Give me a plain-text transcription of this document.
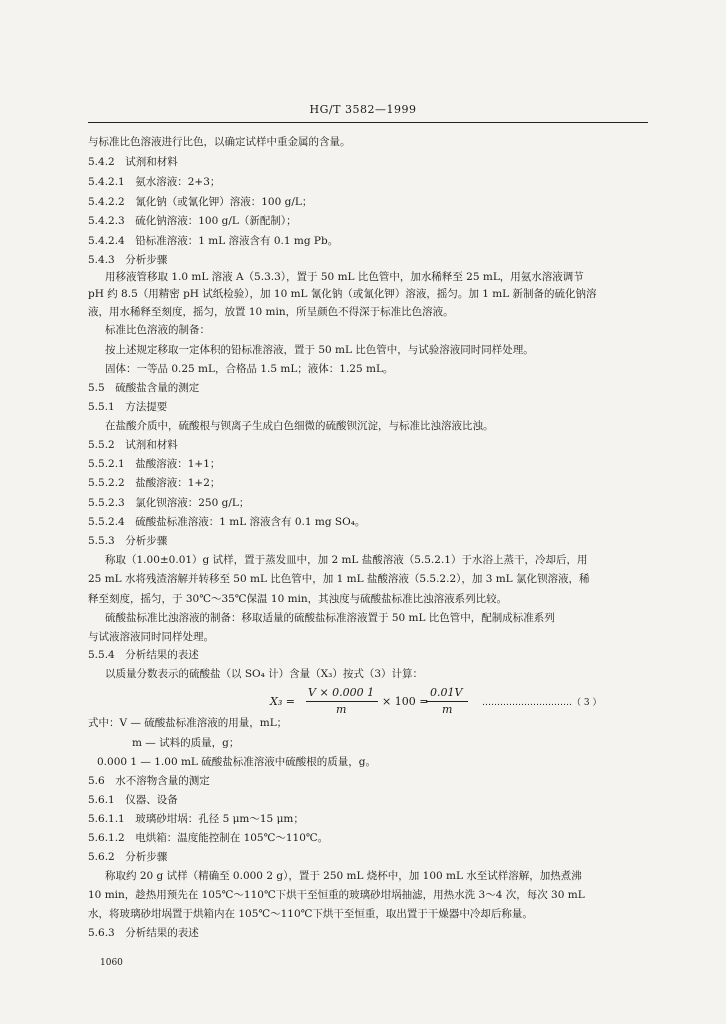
HG/T 3582—1999
与标准比色溶液进行比色，以确定试样中重金属的含量。
5.4.2　试剂和材料
5.4.2.1　氨水溶液：2+3；
5.4.2.2　氰化钠（或氰化钾）溶液：100 g/L；
5.4.2.3　硫化钠溶液：100 g/L（新配制）；
5.4.2.4　铅标准溶液：1 mL 溶液含有 0.1 mg Pb。
5.4.3　分析步骤
用移液管移取 1.0 mL 溶液 A（5.3.3），置于 50 mL 比色管中，加水稀释至 25 mL，用氨水溶液调节
pH 约 8.5（用精密 pH 试纸检验），加 10 mL 氰化钠（或氰化钾）溶液，摇匀。加 1 mL 新制备的硫化钠溶
液，用水稀释至刻度，摇匀，放置 10 min，所呈颜色不得深于标准比色溶液。
标准比色溶液的制备：
按上述规定移取一定体积的铅标准溶液，置于 50 mL 比色管中，与试验溶液同时同样处理。
固体：一等品 0.25 mL，合格品 1.5 mL；液体：1.25 mL。
5.5　硫酸盐含量的测定
5.5.1　方法提要
在盐酸介质中，硫酸根与钡离子生成白色细微的硫酸钡沉淀，与标准比浊溶液比浊。
5.5.2　试剂和材料
5.5.2.1　盐酸溶液：1+1；
5.5.2.2　盐酸溶液：1+2；
5.5.2.3　氯化钡溶液：250 g/L；
5.5.2.4　硫酸盐标准溶液：1 mL 溶液含有 0.1 mg SO₄。
5.5.3　分析步骤
称取（1.00±0.01）g 试样，置于蒸发皿中，加 2 mL 盐酸溶液（5.5.2.1）于水浴上蒸干，冷却后，用
25 mL 水将残渣溶解并转移至 50 mL 比色管中，加 1 mL 盐酸溶液（5.5.2.2），加 3 mL 氯化钡溶液，稀
释至刻度，摇匀，于 30℃～35℃保温 10 min，其浊度与硫酸盐标准比浊溶液系列比较。
硫酸盐标准比浊溶液的制备：移取适量的硫酸盐标准溶液置于 50 mL 比色管中，配制成标准系列
与试液溶液同时同样处理。
5.5.4　分析结果的表述
以质量分数表示的硫酸盐（以 SO₄ 计）含量（X₃）按式（3）计算：
X₃ =
V × 0.000 1
m
× 100 =
0.01V
m	…………………………（ 3 ）
式中：V — 硫酸盐标准溶液的用量，mL；
m — 试料的质量，g；
0.000 1 — 1.00 mL 硫酸盐标准溶液中硫酸根的质量，g。
5.6　水不溶物含量的测定
5.6.1　仪器、设备
5.6.1.1　玻璃砂坩埚：孔径 5 μm～15 μm；
5.6.1.2　电烘箱：温度能控制在 105℃～110℃。
5.6.2　分析步骤
称取约 20 g 试样（精确至 0.000 2 g），置于 250 mL 烧杯中，加 100 mL 水至试样溶解，加热煮沸
10 min，趁热用预先在 105℃～110℃下烘干至恒重的玻璃砂坩埚抽滤，用热水洗 3～4 次，每次 30 mL
水，将玻璃砂坩埚置于烘箱内在 105℃～110℃下烘干至恒重，取出置于干燥器中冷却后称量。
5.6.3　分析结果的表述
1060
